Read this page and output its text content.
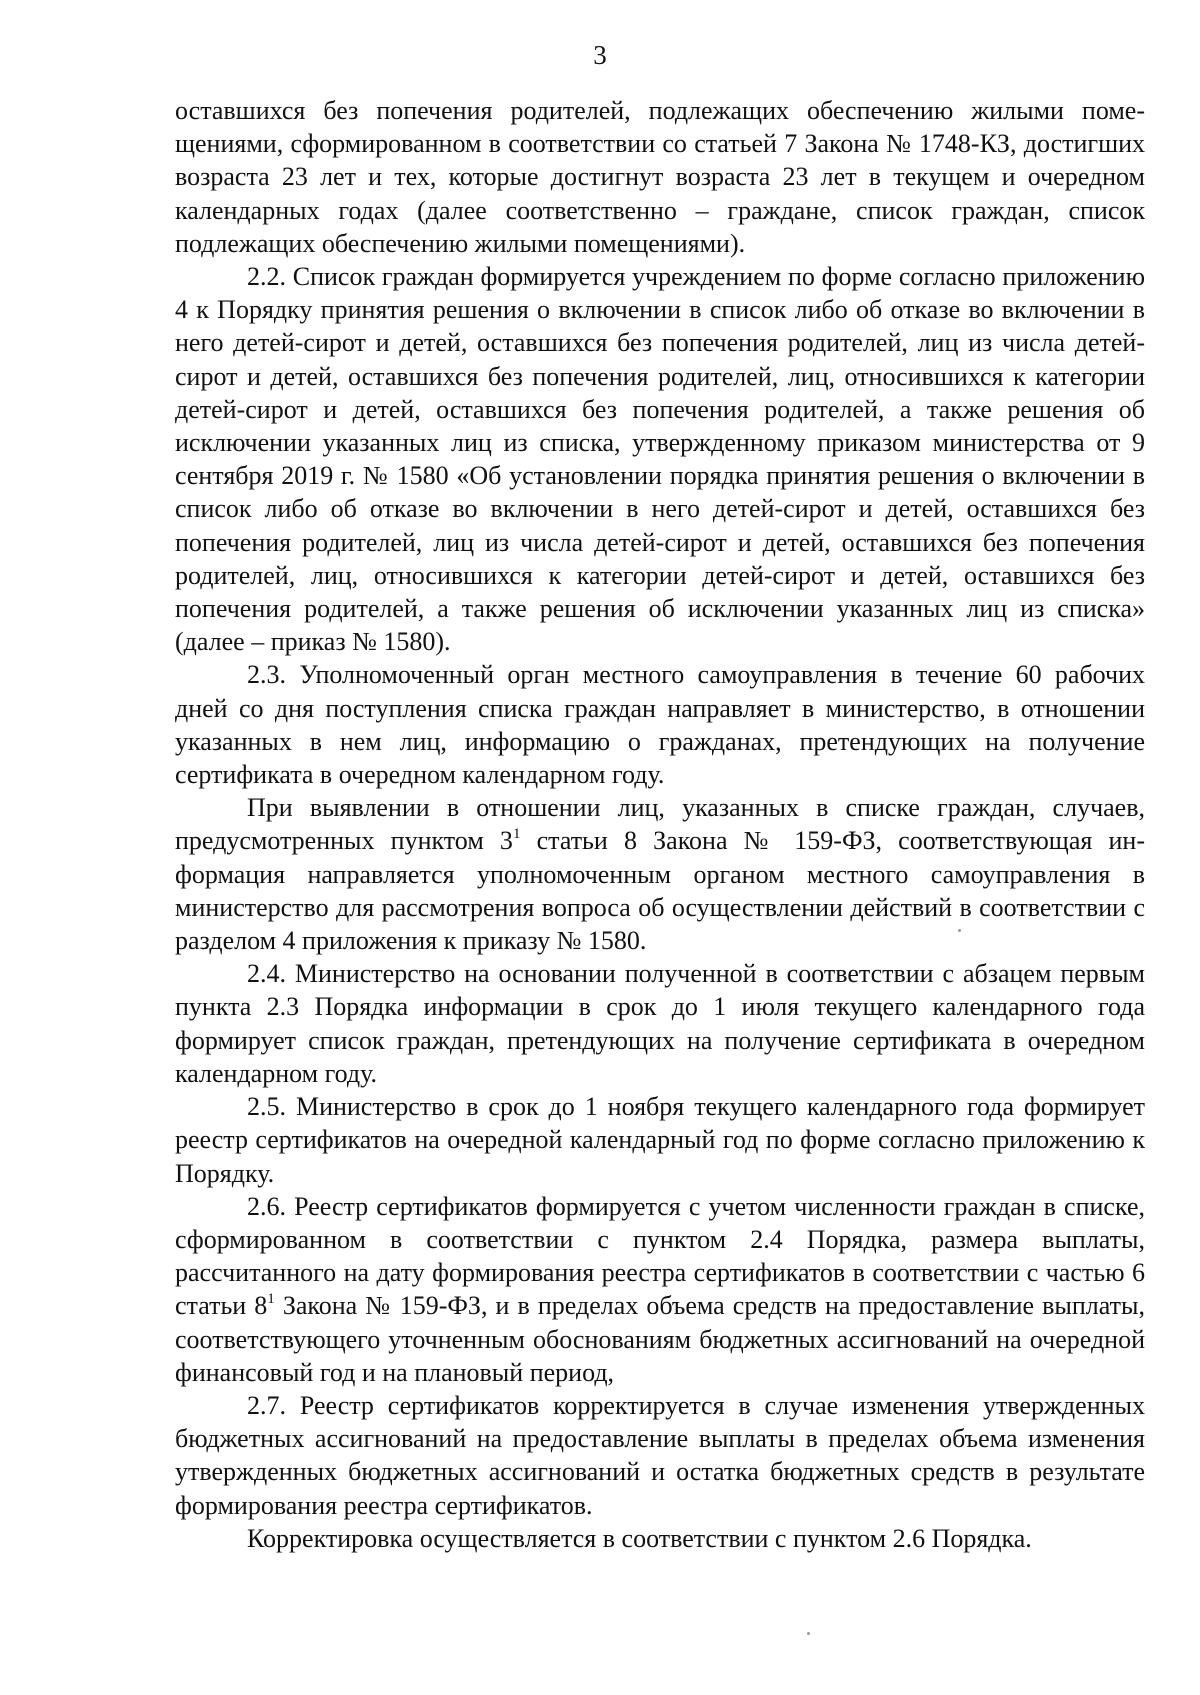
3

оставшихся без попечения родителей, подлежащих обеспечению жилыми помещениями, сформированном в соответствии со статьей 7 Закона № 1748-КЗ, достигших возраста 23 лет и тех, которые достигнут возраста 23 лет в текущем и очередном календарных годах (далее соответственно – граждане, список граждан, список подлежащих обеспечению жилыми помещениями).

2.2. Список граждан формируется учреждением по форме согласно приложению 4 к Порядку принятия решения о включении в список либо об отказе во включении в него детей-сирот и детей, оставшихся без попечения родителей, лиц из числа детей-сирот и детей, оставшихся без попечения родителей, лиц, относившихся к категории детей-сирот и детей, оставшихся без попечения родителей, а также решения об исключении указанных лиц из списка, утвержденному приказом министерства от 9 сентября 2019 г. № 1580 «Об установлении порядка принятия решения о включении в список либо об отказе во включении в него детей-сирот и детей, оставшихся без попечения родителей, лиц из числа детей-сирот и детей, оставшихся без попечения родителей, лиц, относившихся к категории детей-сирот и детей, оставшихся без попечения родителей, а также решения об исключении указанных лиц из списка» (далее – приказ № 1580).

2.3. Уполномоченный орган местного самоуправления в течение 60 рабочих дней со дня поступления списка граждан направляет в министерство, в отношении указанных в нем лиц, информацию о гражданах, претендующих на получение сертификата в очередном календарном году.

При выявлении в отношении лиц, указанных в списке граждан, случаев, предусмотренных пунктом $3^1$ статьи 8 Закона № 159-ФЗ, соответствующая информация направляется уполномоченным органом местного самоуправления в министерство для рассмотрения вопроса об осуществлении действий в соответствии с разделом 4 приложения к приказу № 1580.

2.4. Министерство на основании полученной в соответствии с абзацем первым пункта 2.3 Порядка информации в срок до 1 июля текущего календарного года формирует список граждан, претендующих на получение сертификата в очередном календарном году.

2.5. Министерство в срок до 1 ноября текущего календарного года формирует реестр сертификатов на очередной календарный год по форме согласно приложению к Порядку.

2.6. Реестр сертификатов формируется с учетом численности граждан в списке, сформированном в соответствии с пунктом 2.4 Порядка, размера выплаты, рассчитанного на дату формирования реестра сертификатов в соответствии с частью 6 статьи $8^1$ Закона № 159-ФЗ, и в пределах объема средств на предоставление выплаты, соответствующего уточненным обоснованиям бюджетных ассигнований на очередной финансовый год и на плановый период,

2.7. Реестр сертификатов корректируется в случае изменения утвержденных бюджетных ассигнований на предоставление выплаты в пределах объема изменения утвержденных бюджетных ассигнований и остатка бюджетных средств в результате формирования реестра сертификатов.

Корректировка осуществляется в соответствии с пунктом 2.6 Порядка.
